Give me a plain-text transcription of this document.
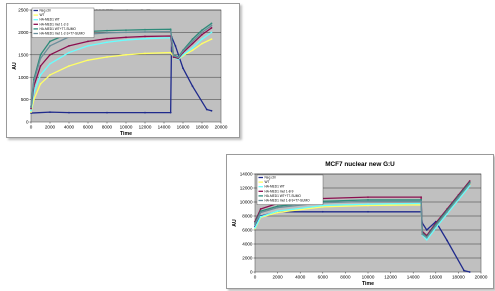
0
500
1000
1500
2000
2500
0	2000 4000 6000 8000 10000 12000 14000 16000 18000 20000
Time
AU
Neg ctrl
WT
HA-MED1 WT
HA-MED1 mut 1-2-3
HA-MED1 WT+T7-SUMO
HA-MED1 mut 1-2-3+T7-SUMO
MCF7 nuclear new G:U
0
2000
4000
6000
8000
10000
12000
14000
0	2000	4000	6000	8000 10000 12000 14000 16000 18000 20000
Time
AU
Neg ctrl
WT
HA-MED1 WT
HA-MED1 mut 1-8-9
HA-MED1 WT+T7-SUMO
HA-MED1 mut 1-8-9+T7-SUMO
